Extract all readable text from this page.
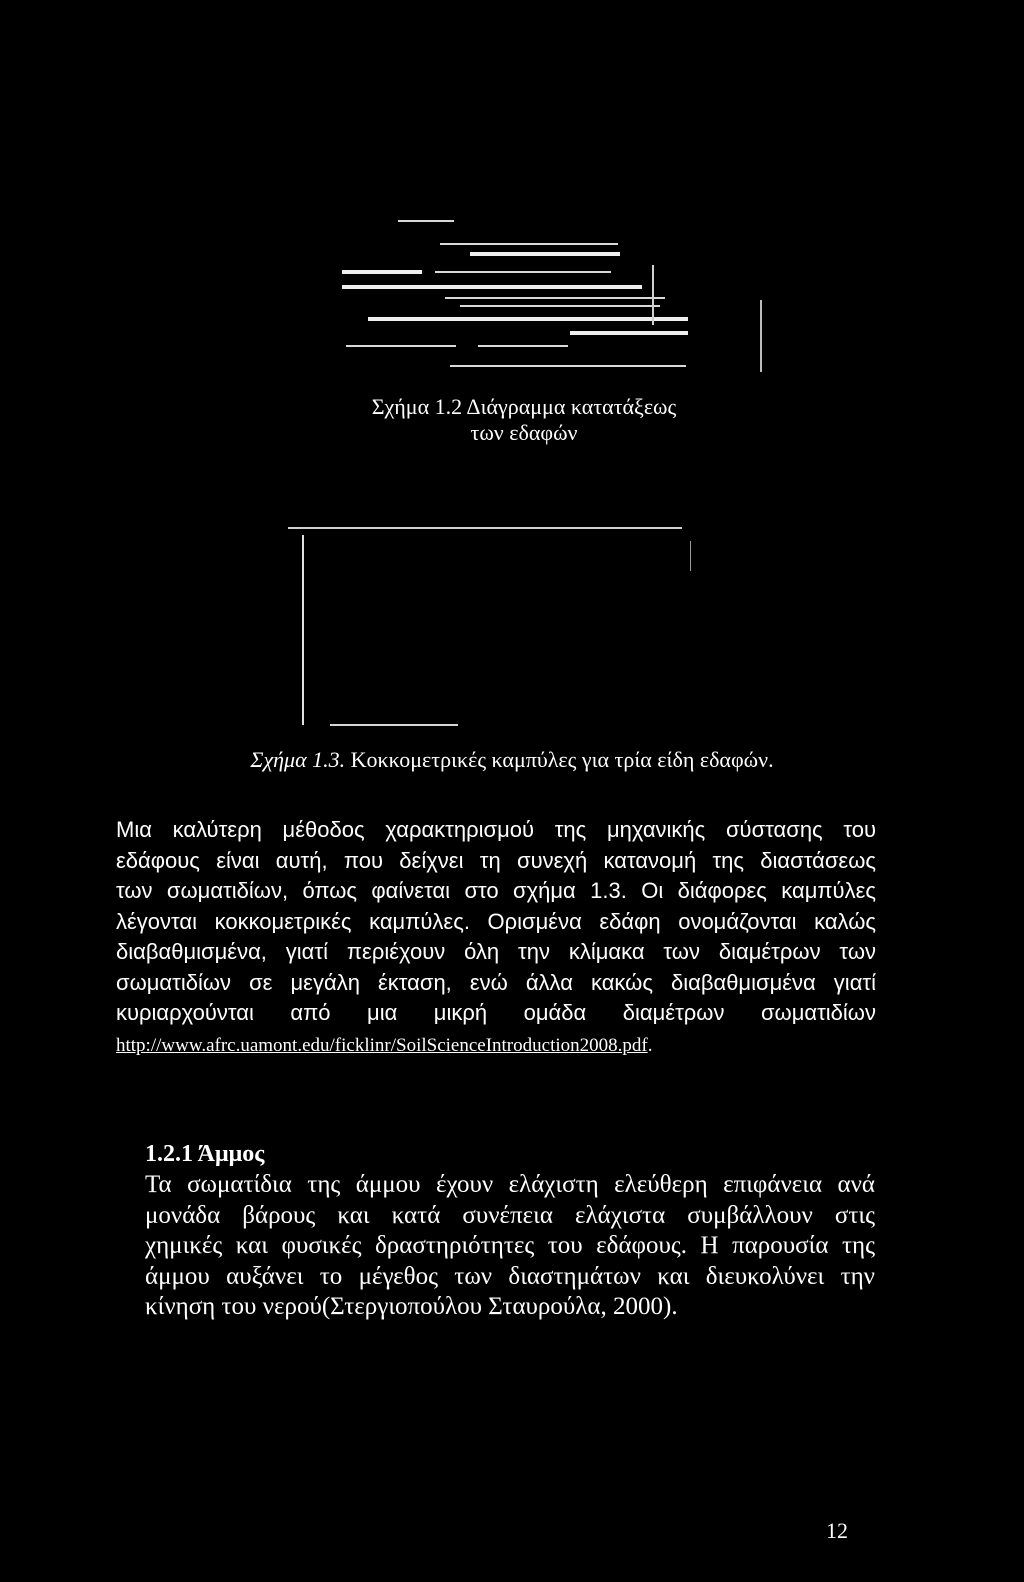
Σχήμα 1.2 Διάγραμμα κατατάξεως
των εδαφών
Σχήμα 1.3. Κοκκομετρικές καμπύλες για τρία είδη εδαφών.
Μια καλύτερη μέθοδος χαρακτηρισμού της μηχανικής σύστασης του
εδάφους είναι αυτή, που δείχνει τη συνεχή κατανομή της διαστάσεως
των σωματιδίων, όπως φαίνεται στο σχήμα 1.3. Οι διάφορες καμπύλες
λέγονται κοκκομετρικές καμπύλες. Ορισμένα εδάφη ονομάζονται καλώς
διαβαθμισμένα, γιατί περιέχουν όλη την κλίμακα των διαμέτρων των
σωματιδίων σε μεγάλη έκταση, ενώ άλλα κακώς διαβαθμισμένα γιατί
κυριαρχούνται από μια μικρή ομάδα διαμέτρων σωματιδίων
http://www.afrc.uamont.edu/ficklinr/SoilScienceIntroduction2008.pdf.
1.2.1 Άμμος
Τα σωματίδια της άμμου έχουν ελάχιστη ελεύθερη επιφάνεια ανά
μονάδα βάρους και κατά συνέπεια ελάχιστα συμβάλλουν στις
χημικές και φυσικές δραστηριότητες του εδάφους. Η παρουσία της
άμμου αυξάνει το μέγεθος των διαστημάτων και διευκολύνει την
κίνηση του νερού(Στεργιοπούλου Σταυρούλα, 2000).
12
